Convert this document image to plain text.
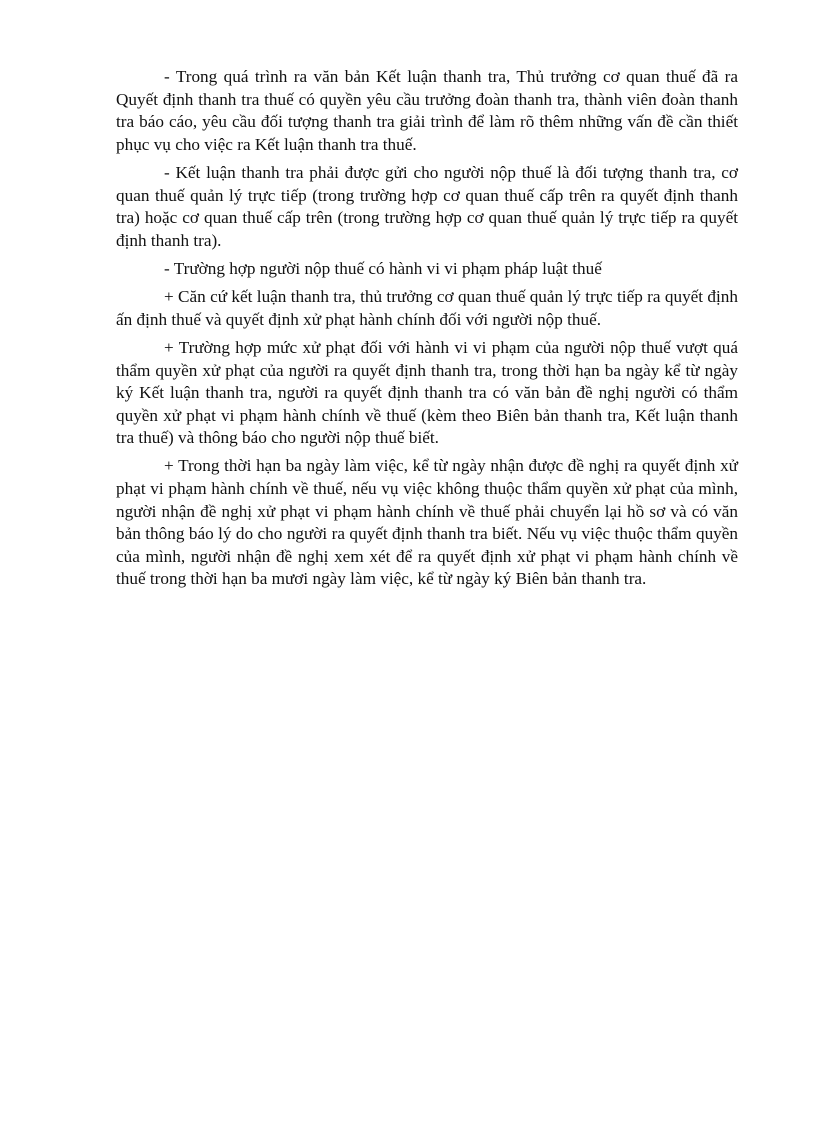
- Trong quá trình ra văn bản Kết luận thanh tra, Thủ trưởng cơ quan thuế đã ra Quyết định thanh tra thuế có quyền yêu cầu trưởng đoàn thanh tra, thành viên đoàn thanh tra báo cáo, yêu cầu đối tượng thanh tra giải trình để làm rõ thêm những vấn đề cần thiết phục vụ cho việc ra Kết luận thanh tra thuế.

- Kết luận thanh tra phải được gửi cho người nộp thuế là đối tượng thanh tra, cơ quan thuế quản lý trực tiếp (trong trường hợp cơ quan thuế cấp trên ra quyết định thanh tra) hoặc cơ quan thuế cấp trên (trong trường hợp cơ quan thuế quản lý trực tiếp ra quyết định thanh tra).

- Trường hợp người nộp thuế có hành vi vi phạm pháp luật thuế

+ Căn cứ kết luận thanh tra, thủ trưởng cơ quan thuế quản lý trực tiếp ra quyết định ấn định thuế và quyết định xử phạt hành chính đối với người nộp thuế.

+ Trường hợp mức xử phạt đối với hành vi vi phạm của người nộp thuế vượt quá thẩm quyền xử phạt của người ra quyết định thanh tra, trong thời hạn ba ngày kể từ ngày ký Kết luận thanh tra, người ra quyết định thanh tra có văn bản đề nghị người có thẩm quyền xử phạt vi phạm hành chính về thuế (kèm theo Biên bản thanh tra, Kết luận thanh tra thuế) và thông báo cho người nộp thuế biết.

+ Trong thời hạn ba ngày làm việc, kể từ ngày nhận được đề nghị ra quyết định xử phạt vi phạm hành chính về thuế, nếu vụ việc không thuộc thẩm quyền xử phạt của mình, người nhận đề nghị xử phạt vi phạm hành chính về thuế phải chuyển lại hồ sơ và có văn bản thông báo lý do cho người ra quyết định thanh tra biết. Nếu vụ việc thuộc thẩm quyền của mình, người nhận đề nghị xem xét để ra quyết định xử phạt vi phạm hành chính về thuế trong thời hạn ba mươi ngày làm việc, kể từ ngày ký Biên bản thanh tra.
